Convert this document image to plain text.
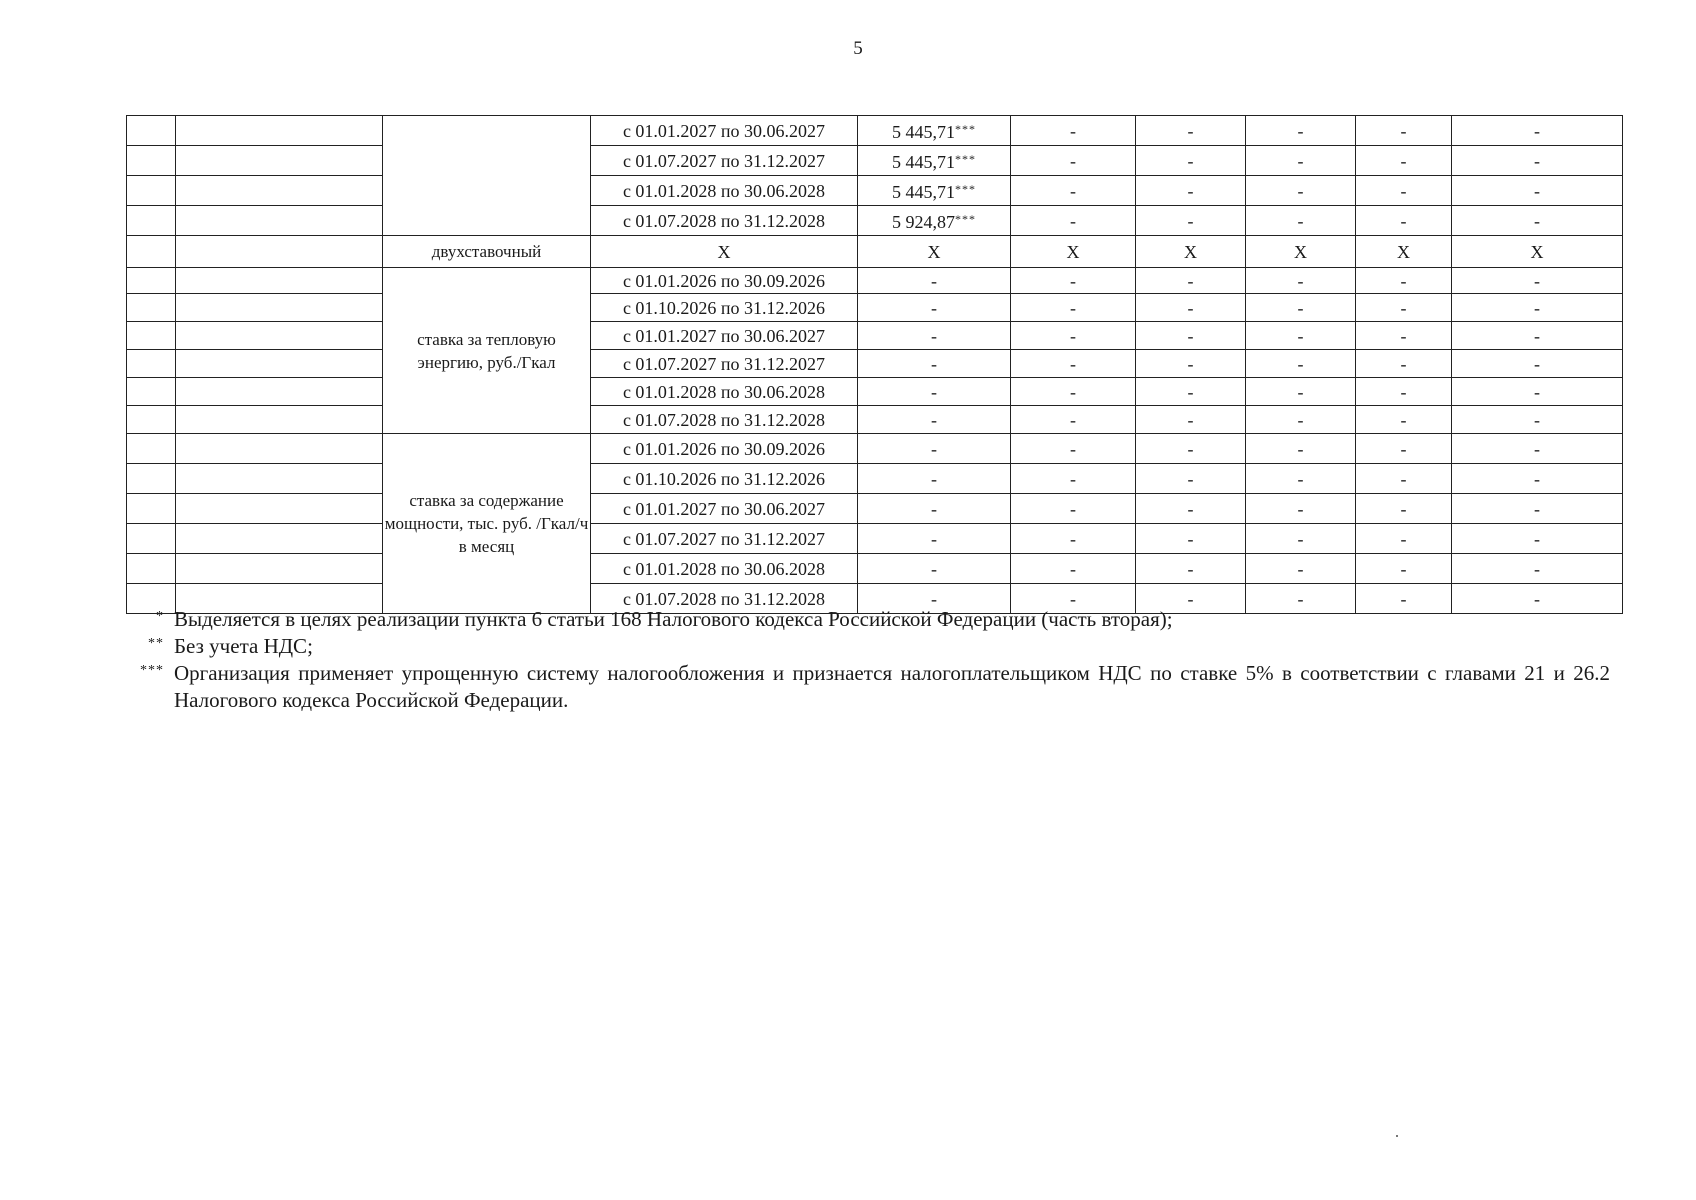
5
			с 01.01.2027 по 30.06.2027	5 445,71***	-	-	-	-	-
			с 01.07.2027 по 31.12.2027	5 445,71***	-	-	-	-	-
			с 01.01.2028 по 30.06.2028	5 445,71***	-	-	-	-	-
			с 01.07.2028 по 31.12.2028	5 924,87***	-	-	-	-	-
		двухставочный	Х	Х	Х	Х	Х	Х	Х
		ставка за тепловую энергию, руб./Гкал	с 01.01.2026 по 30.09.2026	-	-	-	-	-	-
			с 01.10.2026 по 31.12.2026	-	-	-	-	-	-
			с 01.01.2027 по 30.06.2027	-	-	-	-	-	-
			с 01.07.2027 по 31.12.2027	-	-	-	-	-	-
			с 01.01.2028 по 30.06.2028	-	-	-	-	-	-
			с 01.07.2028 по 31.12.2028	-	-	-	-	-	-
		ставка за содержание мощности, тыс. руб. /Гкал/ч в месяц	с 01.01.2026 по 30.09.2026	-	-	-	-	-	-
			с 01.10.2026 по 31.12.2026	-	-	-	-	-	-
			с 01.01.2027 по 30.06.2027	-	-	-	-	-	-
			с 01.07.2027 по 31.12.2027	-	-	-	-	-	-
			с 01.01.2028 по 30.06.2028	-	-	-	-	-	-
			с 01.07.2028 по 31.12.2028	-	-	-	-	-	-

* Выделяется в целях реализации пункта 6 статьи 168 Налогового кодекса Российской Федерации (часть вторая);

** Без учета НДС;

*** Организация применяет упрощенную систему налогообложения и признается налогоплательщиком НДС по ставке 5% в соответствии с главами 21 и 26.2 Налогового кодекса Российской Федерации.
